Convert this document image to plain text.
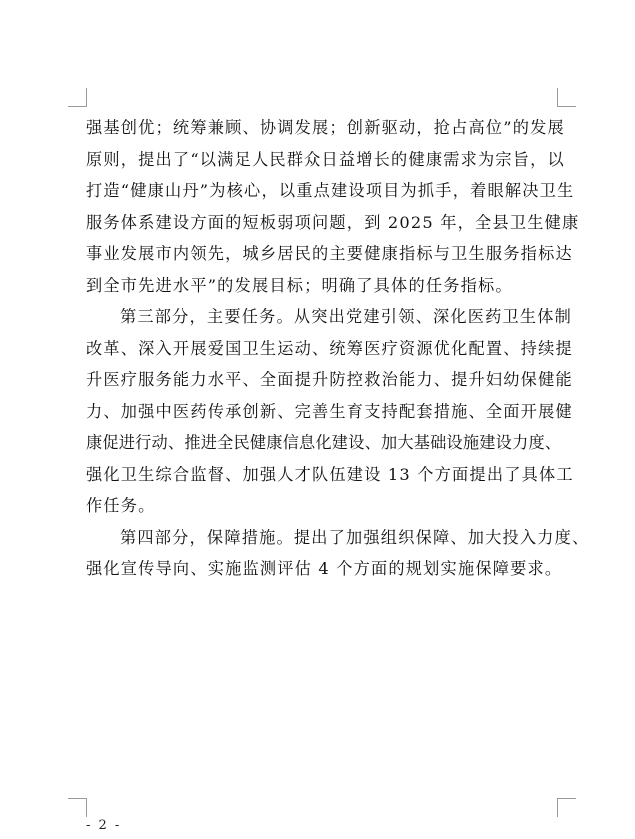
强基创优；统筹兼顾、协调发展；创新驱动，抢占高位”的发展
原则，提出了“以满足人民群众日益增长的健康需求为宗旨，以
打造“健康山丹”为核心，以重点建设项目为抓手，着眼解决卫生
服务体系建设方面的短板弱项问题，到 2025 年，全县卫生健康
事业发展市内领先，城乡居民的主要健康指标与卫生服务指标达
到全市先进水平”的发展目标；明确了具体的任务指标。
第三部分，主要任务。从突出党建引领、深化医药卫生体制
改革、深入开展爱国卫生运动、统筹医疗资源优化配置、持续提
升医疗服务能力水平、全面提升防控救治能力、提升妇幼保健能
力、加强中医药传承创新、完善生育支持配套措施、全面开展健
康促进行动、推进全民健康信息化建设、加大基础设施建设力度、
强化卫生综合监督、加强人才队伍建设 13 个方面提出了具体工
作任务。
第四部分，保障措施。提出了加强组织保障、加大投入力度、
强化宣传导向、实施监测评估 4 个方面的规划实施保障要求。
- 2 -
